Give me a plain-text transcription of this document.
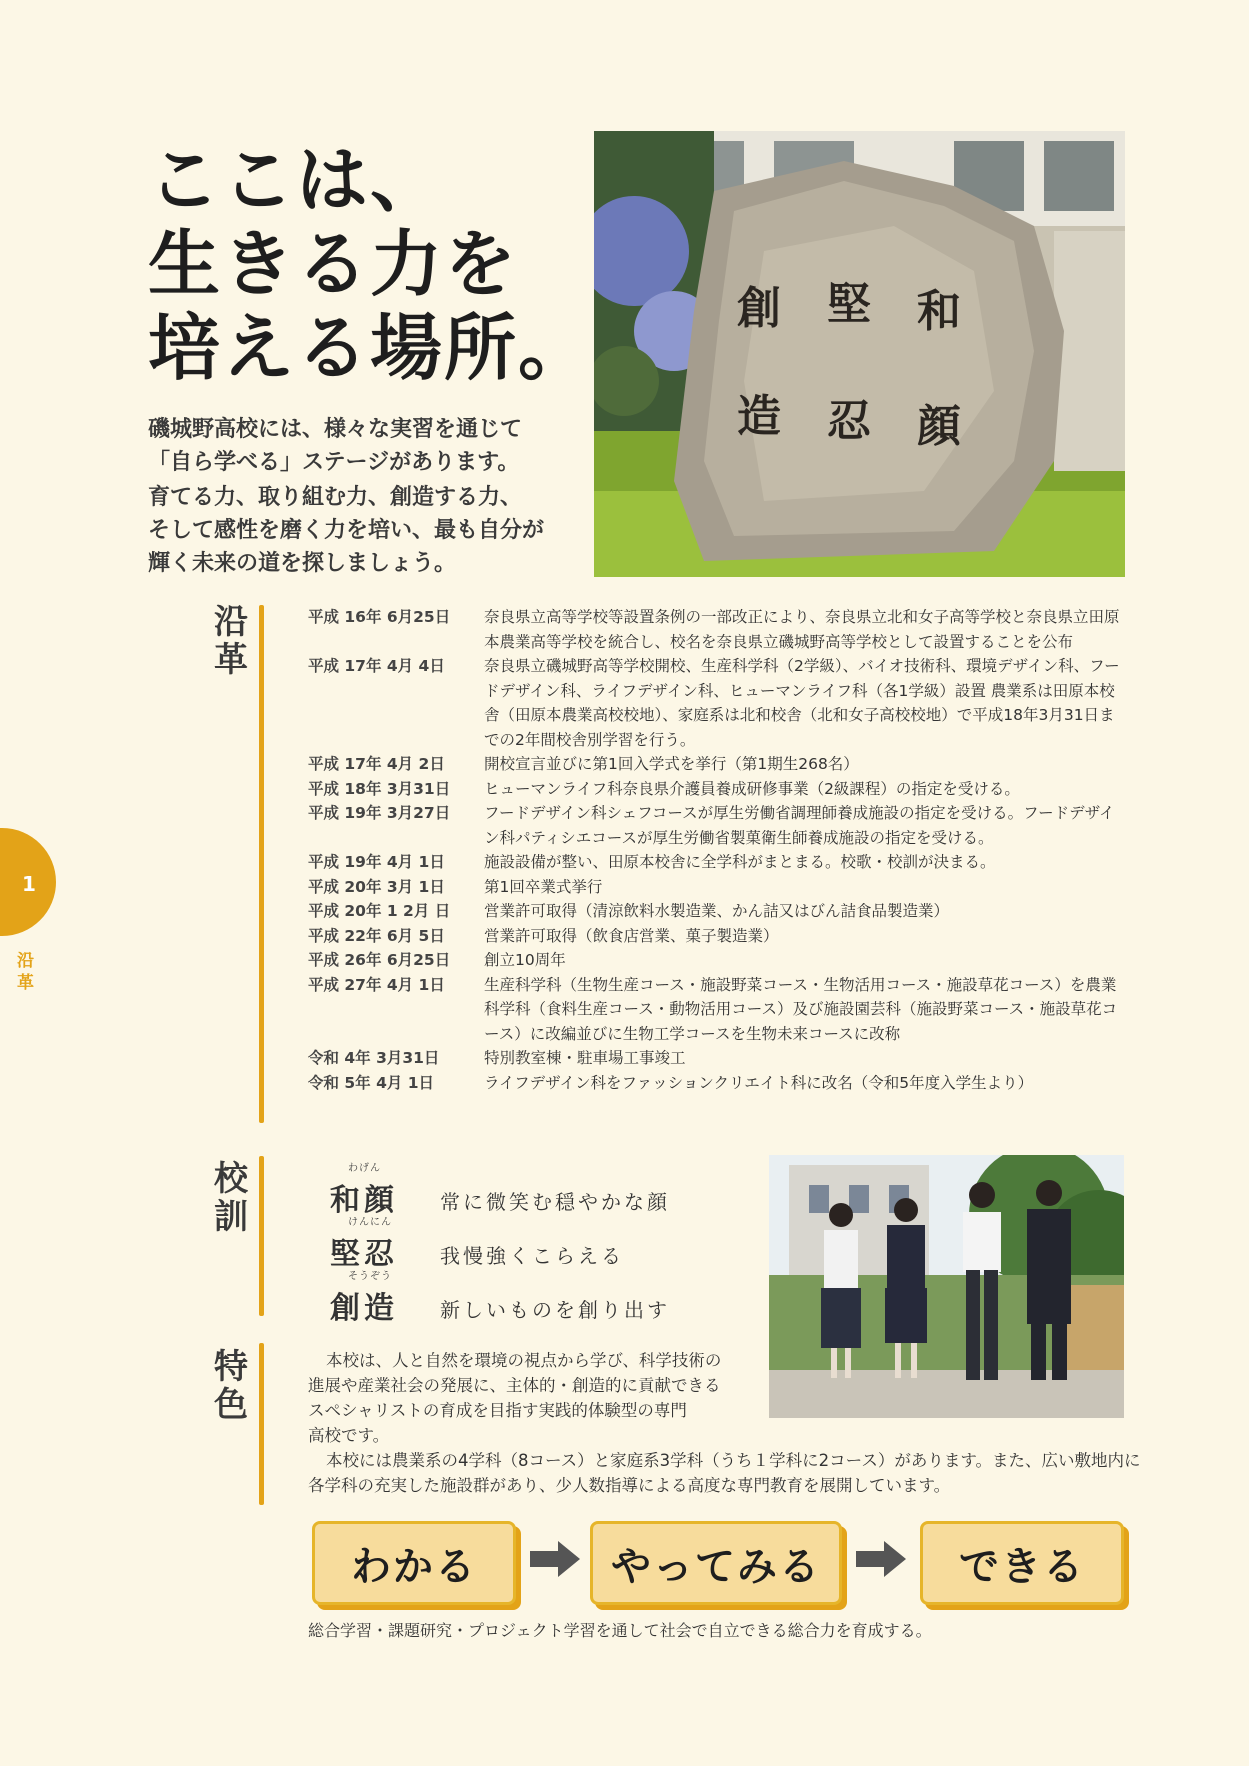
ここは、
生きる力を
培える場所。

磯城野高校には、様々な実習を通じて
「自ら学べる」ステージがあります。

育てる力、取り組む力、創造する力、
そして感性を磨く力を培い、最も自分が
輝く未来の道を探しましょう。

和
堅
創
顔
忍
造
1
沿革
沿革
平成 16年 6月25日	奈良県立高等学校等設置条例の一部改正により、奈良県立北和女子高等学校と奈良県立田原本農業高等学校を統合し、校名を奈良県立磯城野高等学校として設置することを公布
平成 17年 4月 4日	奈良県立磯城野高等学校開校、生産科学科（2学級）、バイオ技術科、環境デザイン科、フードデザイン科、ライフデザイン科、ヒューマンライフ科（各1学級）設置 農業系は田原本校舎（田原本農業高校校地）、家庭系は北和校舎（北和女子高校校地）で平成18年3月31日までの2年間校舎別学習を行う。
平成 17年 4月 2日	開校宣言並びに第1回入学式を挙行（第1期生268名）
平成 18年 3月31日	ヒューマンライフ科奈良県介護員養成研修事業（2級課程）の指定を受ける。
平成 19年 3月27日	フードデザイン科シェフコースが厚生労働省調理師養成施設の指定を受ける。フードデザイン科パティシエコースが厚生労働省製菓衛生師養成施設の指定を受ける。
平成 19年 4月 1日	施設設備が整い、田原本校舎に全学科がまとまる。校歌・校訓が決まる。
平成 20年 3月 1日	第1回卒業式挙行
平成 20年 1 2月 日	営業許可取得（清涼飲料水製造業、かん詰又はびん詰食品製造業）
平成 22年 6月 5日	営業許可取得（飲食店営業、菓子製造業）
平成 26年 6月25日	創立10周年
平成 27年 4月 1日	生産科学科（生物生産コース・施設野菜コース・生物活用コース・施設草花コース）を農業科学科（食料生産コース・動物活用コース）及び施設園芸科（施設野菜コース・施設草花コース）に改編並びに生物工学コースを生物未来コースに改称
令和 4年 3月31日	特別教室棟・駐車場工事竣工
令和 5年 4月 1日	ライフデザイン科をファッションクリエイト科に改名（令和5年度入学生より）
校訓
わげん
和顔	常に微笑む穏やかな顔
けんにん
堅忍	我慢強くこらえる
そうぞう
創造	新しいものを創り出す
特色

本校は、人と自然を環境の視点から学び、科学技術の

進展や産業社会の発展に、主体的・創造的に貢献できる

スペシャリストの育成を目指す実践的体験型の専門

高校です。

本校には農業系の4学科（8コース）と家庭系3学科（うち１学科に2コース）があります。また、広い敷地内に

各学科の充実した施設群があり、少人数指導による高度な専門教育を展開しています。

わかる	やってみる	できる
総合学習・課題研究・プロジェクト学習を通して社会で自立できる総合力を育成する。
